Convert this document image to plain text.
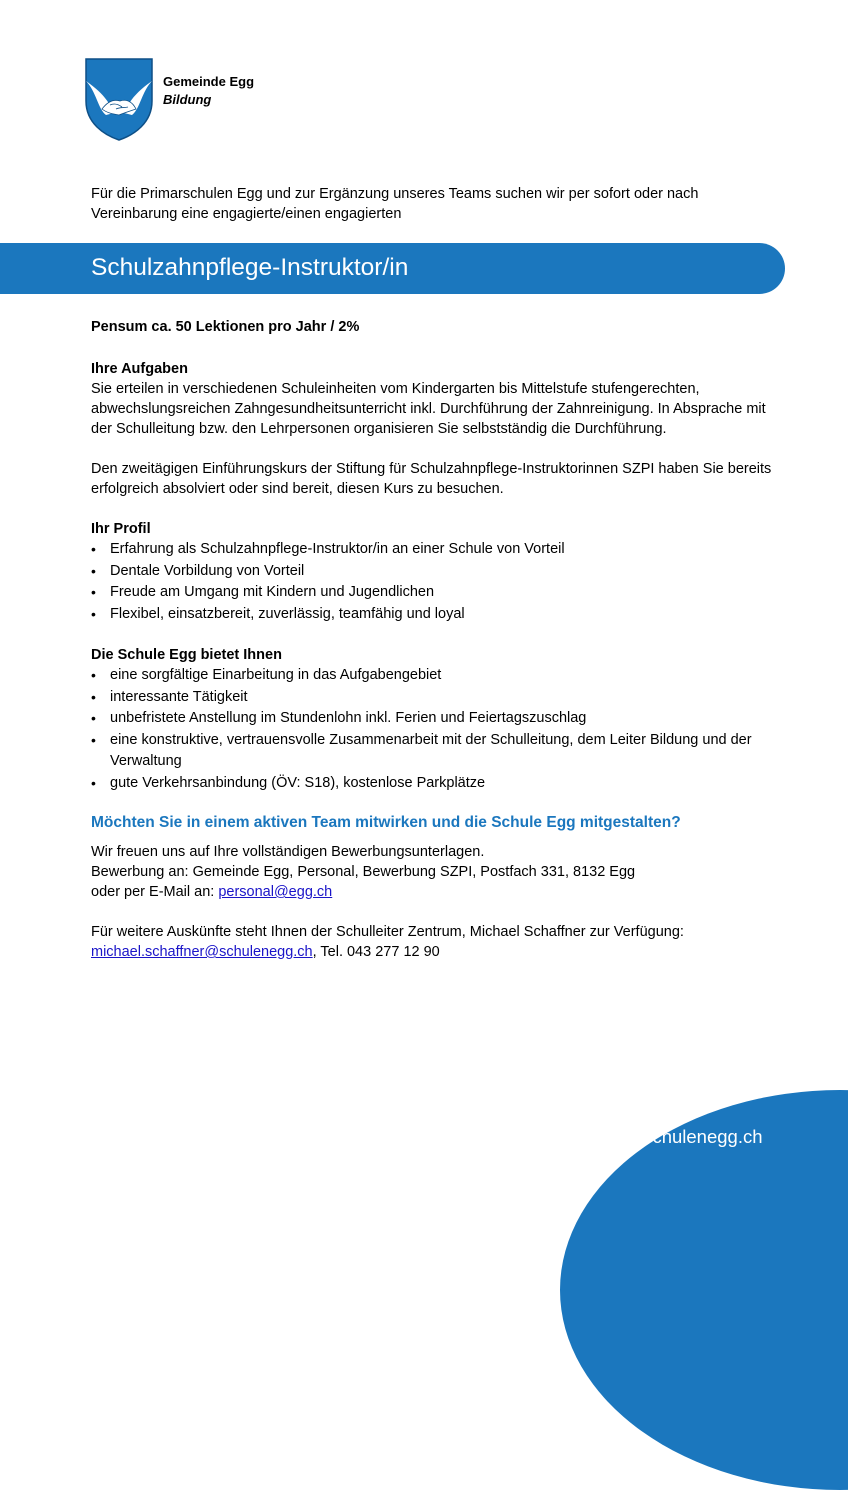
Gemeinde Egg
Bildung
Für die Primarschulen Egg und zur Ergänzung unseres Teams suchen wir per sofort oder nach Vereinbarung eine engagierte/einen engagierten
Schulzahnpflege-Instruktor/in

Pensum ca. 50 Lektionen pro Jahr / 2%

Ihre Aufgaben

Sie erteilen in verschiedenen Schuleinheiten vom Kindergarten bis Mittelstufe stufengerechten, abwechslungsreichen Zahngesundheitsunterricht inkl. Durchführung der Zahnreinigung. In Absprache mit der Schulleitung bzw. den Lehrpersonen organisieren Sie selbstständig die Durchführung.

Den zweitägigen Einführungskurs der Stiftung für Schulzahnpflege-Instruktorinnen SZPI haben Sie bereits erfolgreich absolviert oder sind bereit, diesen Kurs zu besuchen.

Ihr Profil

• Erfahrung als Schulzahnpflege-Instruktor/in an einer Schule von Vorteil
• Dentale Vorbildung von Vorteil
• Freude am Umgang mit Kindern und Jugendlichen
• Flexibel, einsatzbereit, zuverlässig, teamfähig und loyal

Die Schule Egg bietet Ihnen

• eine sorgfältige Einarbeitung in das Aufgabengebiet
• interessante Tätigkeit
• unbefristete Anstellung im Stundenlohn inkl. Ferien und Feiertagszuschlag
• eine konstruktive, vertrauensvolle Zusammenarbeit mit der Schulleitung, dem Leiter Bildung und der Verwaltung
• gute Verkehrsanbindung (ÖV: S18), kostenlose Parkplätze

Möchten Sie in einem aktiven Team mitwirken und die Schule Egg mitgestalten?

Wir freuen uns auf Ihre vollständigen Bewerbungsunterlagen.

Bewerbung an: Gemeinde Egg, Personal, Bewerbung SZPI, Postfach 331, 8132 Egg

oder per E-Mail an: personal@egg.ch

Für weitere Auskünfte steht Ihnen der Schulleiter Zentrum, Michael Schaffner zur Verfügung:

michael.schaffner@schulenegg.ch, Tel. 043 277 12 90

www.schulenegg.ch
